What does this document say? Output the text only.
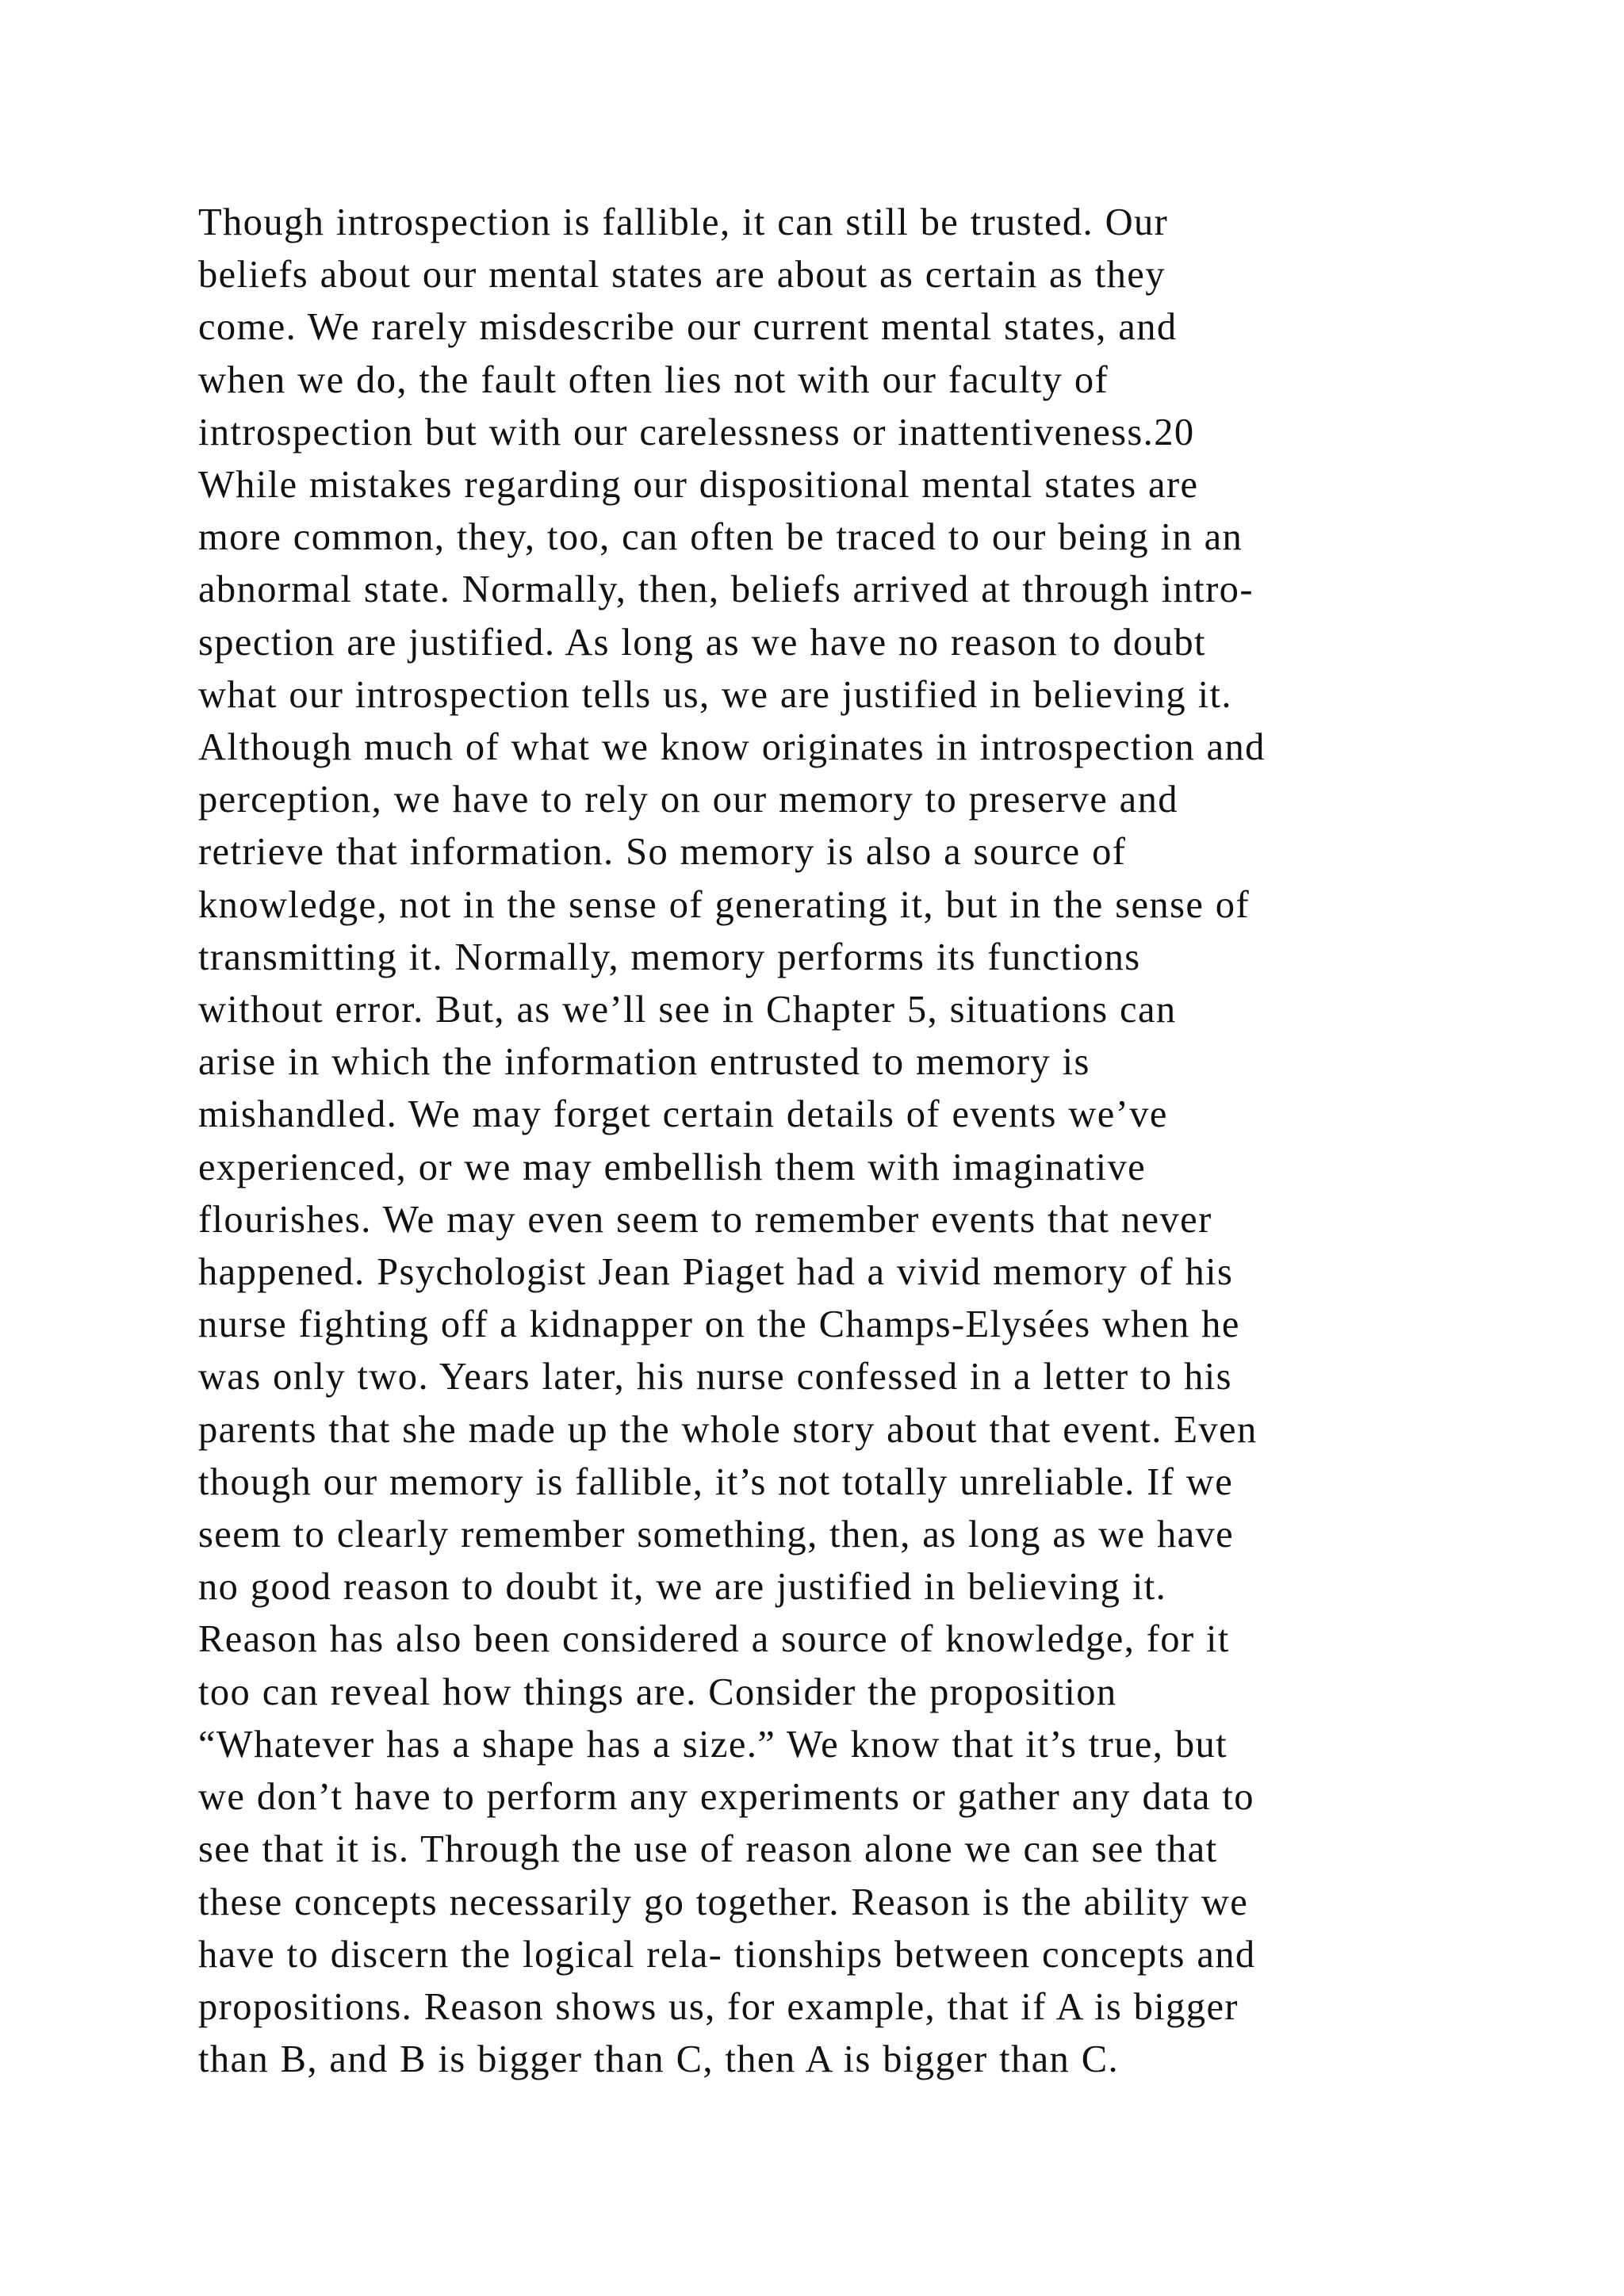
Though introspection is fallible, it can still be trusted. Our
beliefs about our mental states are about as certain as they
come. We rarely misdescribe our current mental states, and
when we do, the fault often lies not with our faculty of
introspection but with our carelessness or inattentiveness.20
While mistakes regarding our dispositional mental states are
more common, they, too, can often be traced to our being in an
abnormal state. Normally, then, beliefs arrived at through intro-
spection are justified. As long as we have no reason to doubt
what our introspection tells us, we are justified in believing it.
Although much of what we know originates in introspection and
perception, we have to rely on our memory to preserve and
retrieve that information. So memory is also a source of
knowledge, not in the sense of generating it, but in the sense of
transmitting it. Normally, memory performs its functions
without error. But, as we’ll see in Chapter 5, situations can
arise in which the information entrusted to memory is
mishandled. We may forget certain details of events we’ve
experienced, or we may embellish them with imaginative
flourishes. We may even seem to remember events that never
happened. Psychologist Jean Piaget had a vivid memory of his
nurse fighting off a kidnapper on the Champs-Elysées when he
was only two. Years later, his nurse confessed in a letter to his
parents that she made up the whole story about that event. Even
though our memory is fallible, it’s not totally unreliable. If we
seem to clearly remember something, then, as long as we have
no good reason to doubt it, we are justified in believing it.
Reason has also been considered a source of knowledge, for it
too can reveal how things are. Consider the proposition
“Whatever has a shape has a size.” We know that it’s true, but
we don’t have to perform any experiments or gather any data to
see that it is. Through the use of reason alone we can see that
these concepts necessarily go together. Reason is the ability we
have to discern the logical rela- tionships between concepts and
propositions. Reason shows us, for example, that if A is bigger
than B, and B is bigger than C, then A is bigger than C.
